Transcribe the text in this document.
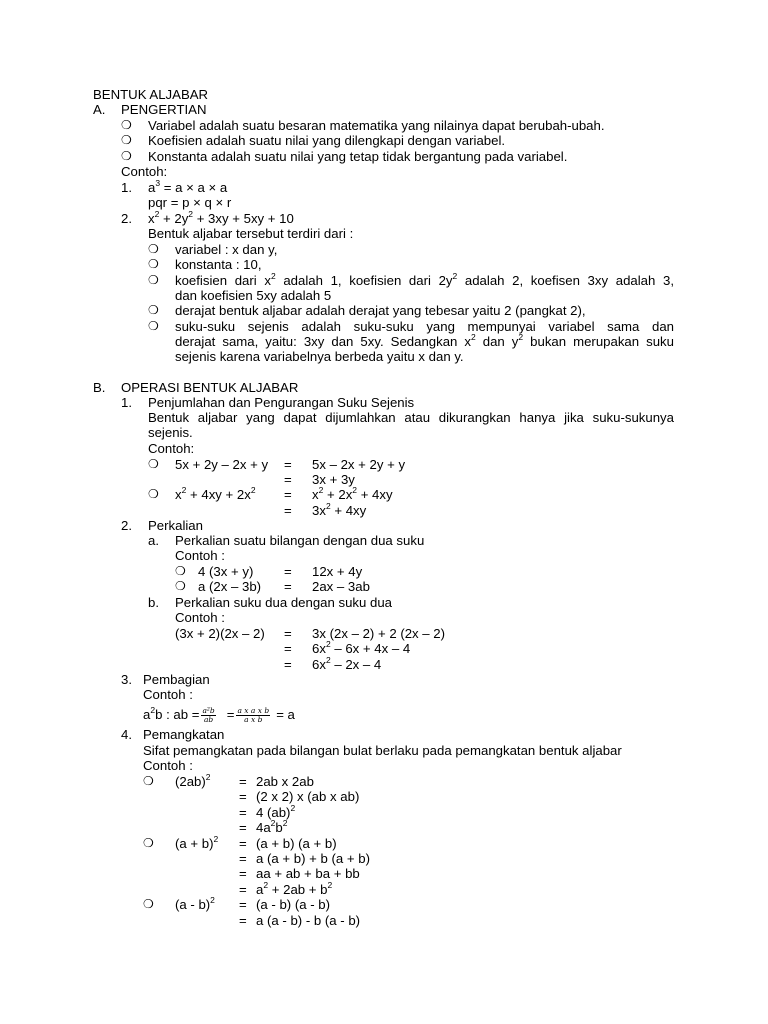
BENTUK ALJABAR
A. PENGERTIAN
❍ Variabel adalah suatu besaran matematika yang nilainya dapat berubah-ubah.
❍ Koefisien adalah suatu nilai yang dilengkapi dengan variabel.
❍ Konstanta adalah suatu nilai yang tetap tidak bergantung pada variabel.
Contoh:
1. $a^3 = a \times a \times a$
pqr = p × q × r
2. $x^2 + 2y^2 + 3xy + 5xy + 10$
Bentuk aljabar tersebut terdiri dari :
❍ variabel : x dan y,
❍ konstanta : 10,
❍ koefisien dari $x^2$ adalah 1, koefisien dari $2y^2$ adalah 2, koefisen 3xy adalah 3,
dan koefisien 5xy adalah 5
❍ derajat bentuk aljabar adalah derajat yang tebesar yaitu 2 (pangkat 2),
❍ suku-suku sejenis adalah suku-suku yang mempunyai variabel sama dan
derajat sama, yaitu: 3xy dan 5xy. Sedangkan $x^2$ dan $y^2$ bukan merupakan suku
sejenis karena variabelnya berbeda yaitu x dan y.
B. OPERASI BENTUK ALJABAR
1. Penjumlahan dan Pengurangan Suku Sejenis
Bentuk aljabar yang dapat dijumlahkan atau dikurangkan hanya jika suku-sukunya
sejenis.
Contoh:
❍ 5x + 2y – 2x + y = 5x – 2x + 2y + y
= 3x + 3y
❍ $x^2 + 4xy + 2x^2 = x^2 + 2x^2 + 4xy$
= $3x^2 + 4xy$
2. Perkalian
a. Perkalian suatu bilangan dengan dua suku
Contoh :
❍ 4 (3x + y) = 12x + 4y
❍ a (2x – 3b) = 2ax – 3ab
b. Perkalian suku dua dengan suku dua
Contoh :
(3x + 2)(2x – 2) = 3x (2x – 2) + 2 (2x – 2)
= $6x^2 - 6x + 4x - 4$
= $6x^2 - 2x - 4$
3. Pembagian
Contoh :
$a^2b$ : ab = $\frac{\text{a²b}}{ab} = \frac{\text{a x a x b}}{\text{a x b}} = a$
4. Pemangkatan
Sifat pemangkatan pada bilangan bulat berlaku pada pemangkatan bentuk aljabar
Contoh :
❍ $(2ab)^2 = 2ab$ x 2ab
= (2 x 2) x (ab x ab)
= 4 (ab)$^2$
= $4a^2b^2$
❍ $(a + b)^2 = (a + b)$ (a + b)
= a (a + b) + b (a + b)
= aa + ab + ba + bb
= $a^2 + 2ab + b^2$
❍ (a - b)$^2$ = (a - b) (a - b)
= a (a - b) - b (a - b)
